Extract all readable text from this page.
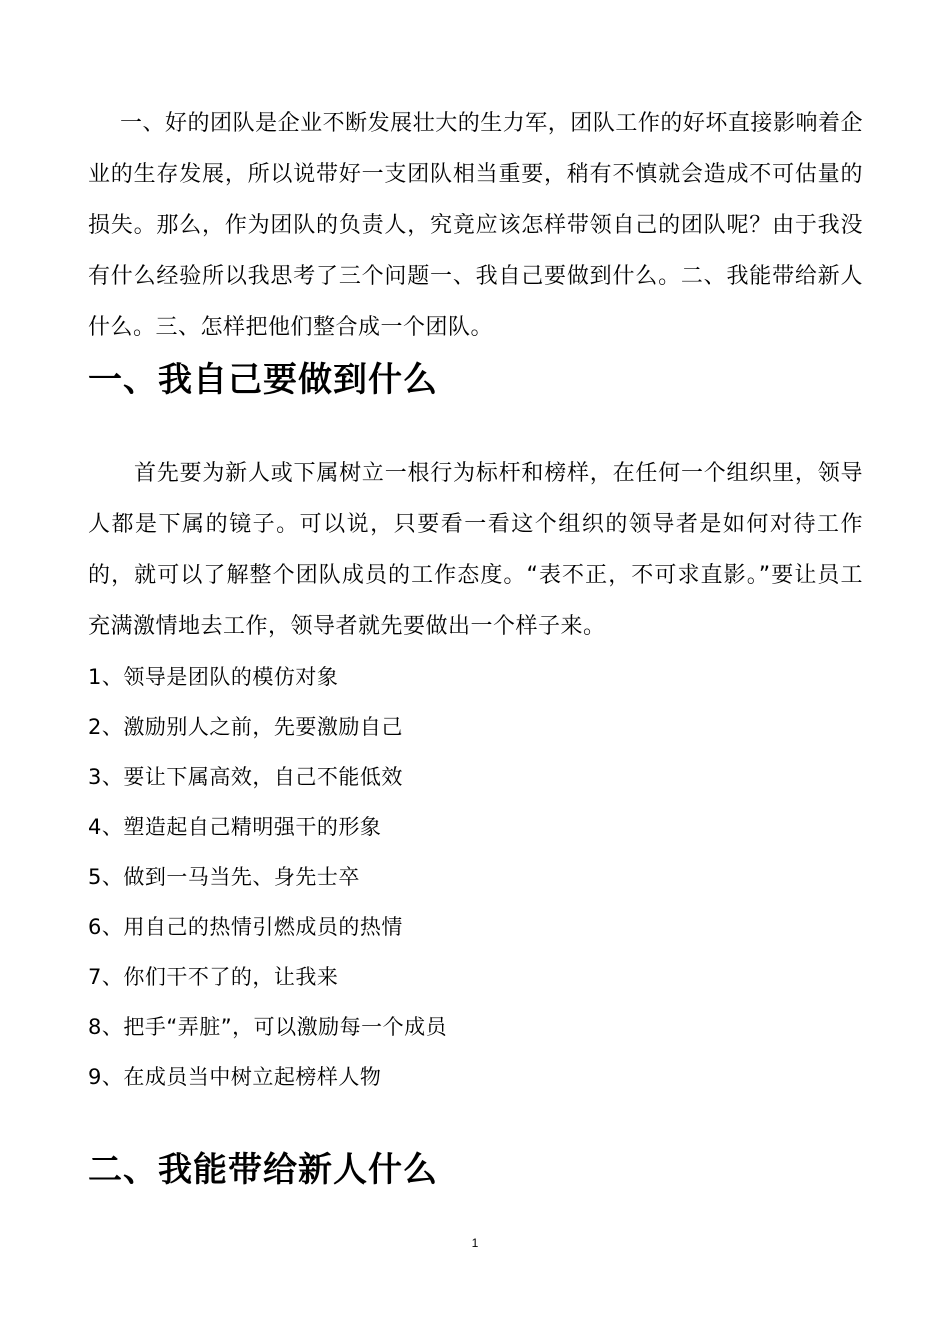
一、好的团队是企业不断发展壮大的生力军，团队工作的好坏直接影响着企业的生存发展，所以说带好一支团队相当重要，稍有不慎就会造成不可估量的损失。那么，作为团队的负责人，究竟应该怎样带领自己的团队呢？由于我没有什么经验所以我思考了三个问题一、我自己要做到什么。二、我能带给新人什么。三、怎样把他们整合成一个团队。

一、我自己要做到什么

首先要为新人或下属树立一根行为标杆和榜样，在任何一个组织里，领导人都是下属的镜子。可以说，只要看一看这个组织的领导者是如何对待工作的，就可以了解整个团队成员的工作态度。“表不正，不可求直影。”要让员工充满激情地去工作，领导者就先要做出一个样子来。

1、领导是团队的模仿对象
2、激励别人之前，先要激励自己
3、要让下属高效，自己不能低效
4、塑造起自己精明强干的形象
5、做到一马当先、身先士卒
6、用自己的热情引燃成员的热情
7、你们干不了的，让我来
8、把手“弄脏”，可以激励每一个成员
9、在成员当中树立起榜样人物
二、我能带给新人什么
1
